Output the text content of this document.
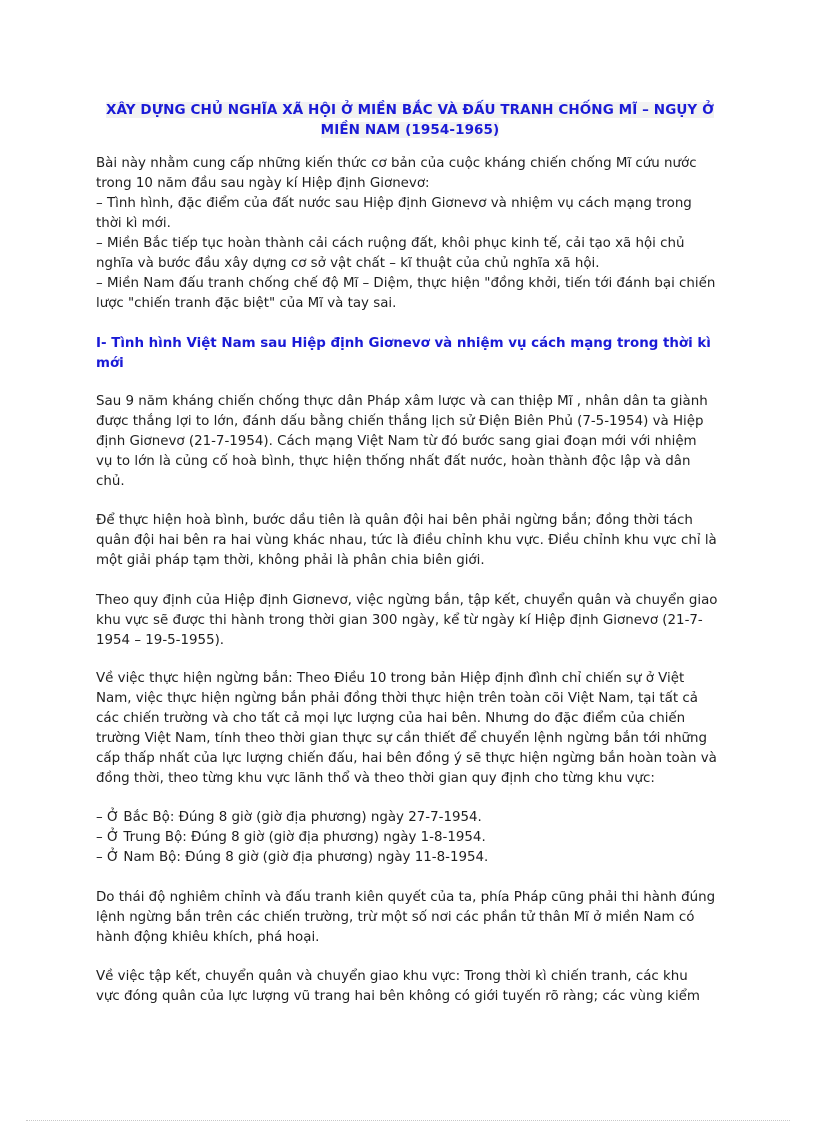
XÂY DỰNG CHỦ NGHĨA XÃ HỘI Ở MIỀN BẮC VÀ ĐẤU TRANH CHỐNG MĨ – NGỤY Ở
MIỀN NAM (1954-1965)
Bài này nhằm cung cấp những kiến thức cơ bản của cuộc kháng chiến chống Mĩ cứu nước
trong 10 năm đầu sau ngày kí Hiệp định Giơnevơ:
– Tình hình, đặc điểm của đất nước sau Hiệp định Giơnevơ và nhiệm vụ cách mạng trong
thời kì mới.
– Miền Bắc tiếp tục hoàn thành cải cách ruộng đất, khôi phục kinh tế, cải tạo xã hội chủ
nghĩa và bước đầu xây dựng cơ sở vật chất – kĩ thuật của chủ nghĩa xã hội.
– Miền Nam đấu tranh chống chế độ Mĩ – Diệm, thực hiện "đồng khởi, tiến tới đánh bại chiến
lược "chiến tranh đặc biệt" của Mĩ và tay sai.
I- Tình hình Việt Nam sau Hiệp định Giơnevơ và nhiệm vụ cách mạng trong thời kì
mới
Sau 9 năm kháng chiến chống thực dân Pháp xâm lược và can thiệp Mĩ , nhân dân ta giành
được thắng lợi to lớn, đánh dấu bằng chiến thắng lịch sử Điện Biên Phủ (7-5-1954) và Hiệp
định Giơnevơ (21-7-1954). Cách mạng Việt Nam từ đó bước sang giai đoạn mới với nhiệm
vụ to lớn là củng cố hoà bình, thực hiện thống nhất đất nước, hoàn thành độc lập và dân
chủ.
Để thực hiện hoà bình, bước dầu tiên là quân đội hai bên phải ngừng bắn; đồng thời tách
quân đội hai bên ra hai vùng khác nhau, tức là điều chỉnh khu vực. Điều chỉnh khu vực chỉ là
một giải pháp tạm thời, không phải là phân chia biên giới.
Theo quy định của Hiệp định Giơnevơ, việc ngừng bắn, tập kết, chuyển quân và chuyển giao
khu vực sẽ được thi hành trong thời gian 300 ngày, kể từ ngày kí Hiệp định Giơnevơ (21-7-
1954 – 19-5-1955).
Về việc thực hiện ngừng bắn: Theo Điều 10 trong bản Hiệp định đình chỉ chiến sự ở Việt
Nam, việc thực hiện ngừng bắn phải đồng thời thực hiện trên toàn cõi Việt Nam, tại tất cả
các chiến trường và cho tất cả mọi lực lượng của hai bên. Nhưng do đặc điểm của chiến
trường Việt Nam, tính theo thời gian thực sự cần thiết để chuyển lệnh ngừng bắn tới những
cấp thấp nhất của lực lượng chiến đấu, hai bên đồng ý sẽ thực hiện ngừng bắn hoàn toàn và
đồng thời, theo từng khu vực lãnh thổ và theo thời gian quy định cho từng khu vực:
– Ở Bắc Bộ: Đúng 8 giờ (giờ địa phương) ngày 27-7-1954.
– Ở Trung Bộ: Đúng 8 giờ (giờ địa phương) ngày 1-8-1954.
– Ở Nam Bộ: Đúng 8 giờ (giờ địa phương) ngày 11-8-1954.
Do thái độ nghiêm chỉnh và đấu tranh kiên quyết của ta, phía Pháp cũng phải thi hành đúng
lệnh ngừng bắn trên các chiến trường, trừ một số nơi các phần tử thân Mĩ ở miền Nam có
hành động khiêu khích, phá hoại.
Về việc tập kết, chuyển quân và chuyển giao khu vực: Trong thời kì chiến tranh, các khu
vực đóng quân của lực lượng vũ trang hai bên không có giới tuyến rõ ràng; các vùng kiểm
